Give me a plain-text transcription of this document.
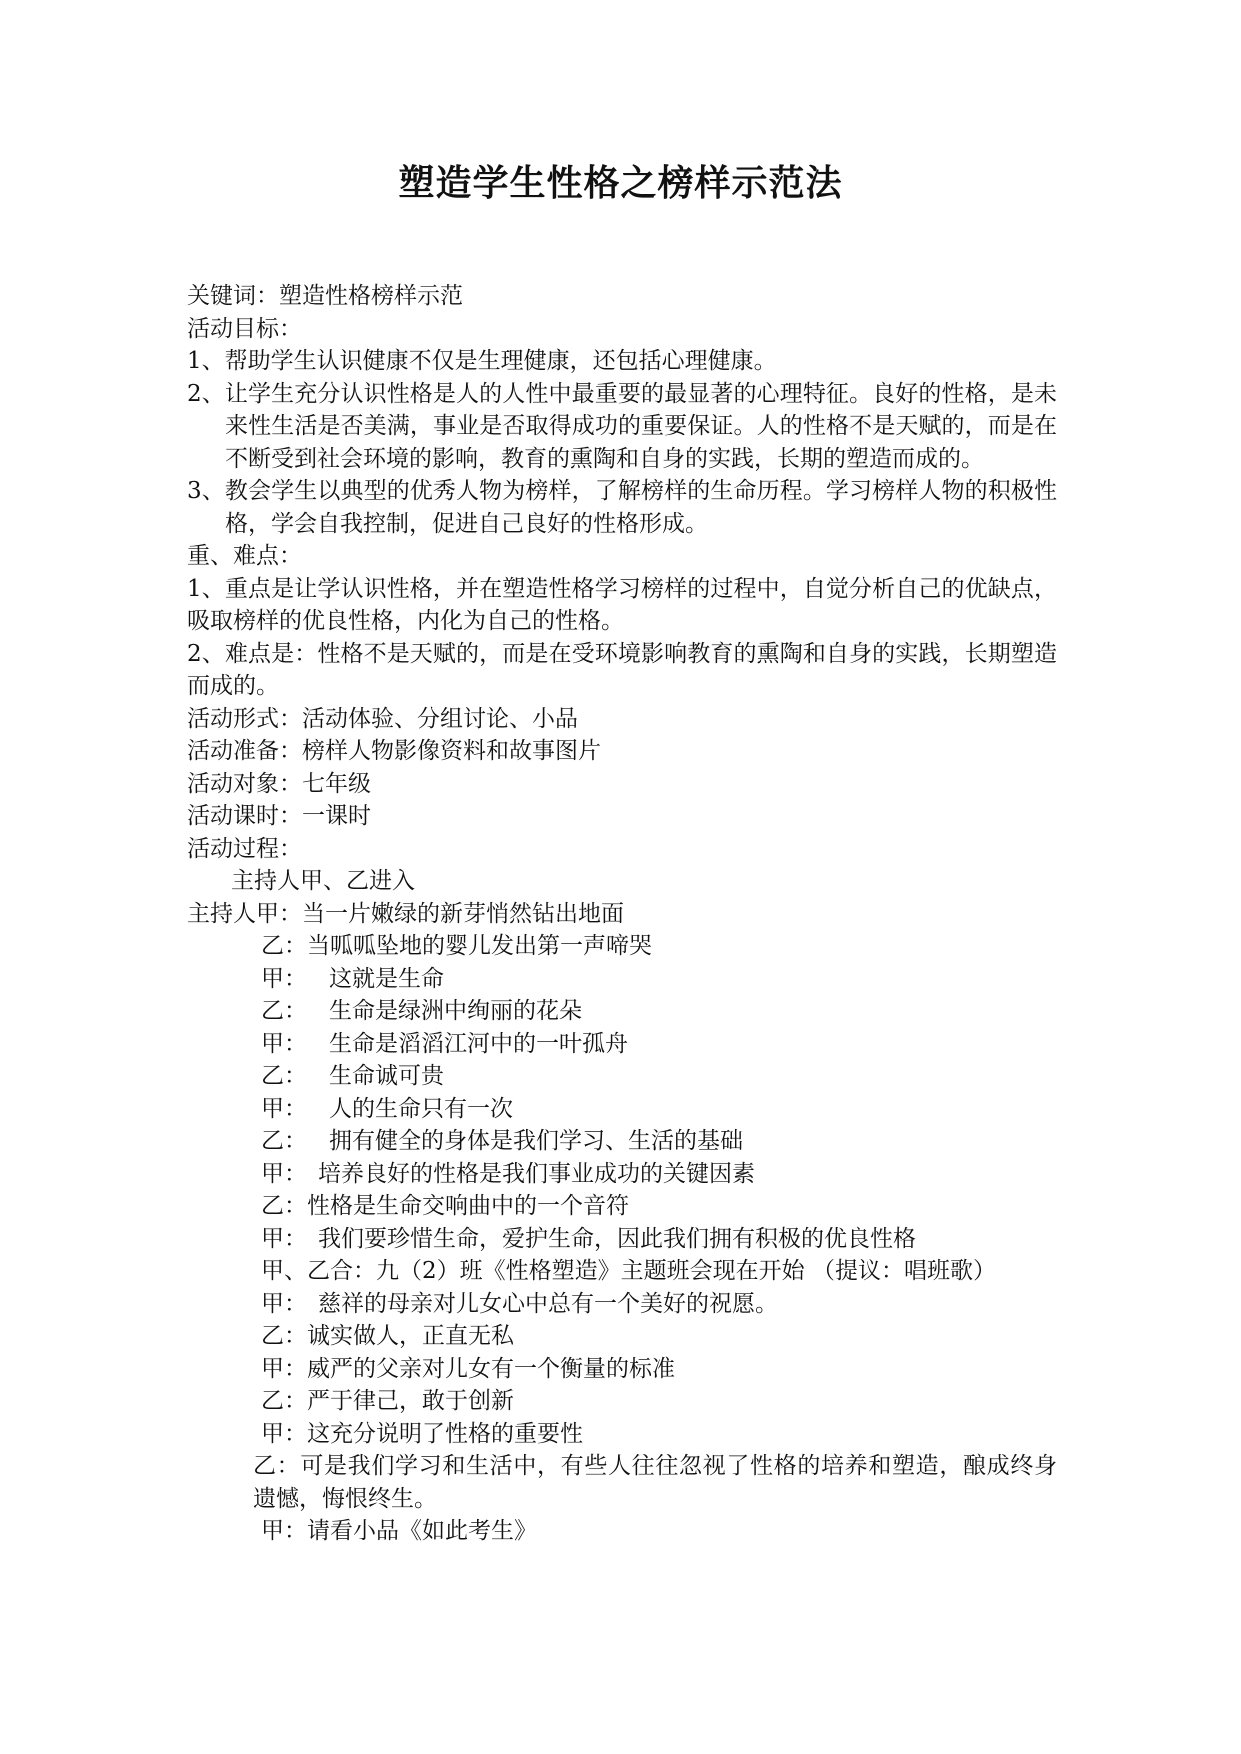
塑造学生性格之榜样示范法
关键词：塑造性格榜样示范
活动目标：
1、帮助学生认识健康不仅是生理健康，还包括心理健康。
2、让学生充分认识性格是人的人性中最重要的最显著的心理特征。良好的性格，是未来性生活是否美满，事业是否取得成功的重要保证。人的性格不是天赋的，而是在不断受到社会环境的影响，教育的熏陶和自身的实践，长期的塑造而成的。
3、教会学生以典型的优秀人物为榜样，了解榜样的生命历程。学习榜样人物的积极性格，学会自我控制，促进自己良好的性格形成。
重、难点：
1、重点是让学认识性格，并在塑造性格学习榜样的过程中，自觉分析自己的优缺点，吸取榜样的优良性格，内化为自己的性格。
2、难点是：性格不是天赋的，而是在受环境影响教育的熏陶和自身的实践，长期塑造而成的。
活动形式：活动体验、分组讨论、小品
活动准备：榜样人物影像资料和故事图片
活动对象：七年级
活动课时：一课时
活动过程：
主持人甲、乙进入
主持人甲：当一片嫩绿的新芽悄然钻出地面
乙：当呱呱坠地的婴儿发出第一声啼哭
甲： 这就是生命
乙： 生命是绿洲中绚丽的花朵
甲： 生命是滔滔江河中的一叶孤舟
乙： 生命诚可贵
甲： 人的生命只有一次
乙： 拥有健全的身体是我们学习、生活的基础
甲： 培养良好的性格是我们事业成功的关键因素
乙：性格是生命交响曲中的一个音符
甲： 我们要珍惜生命，爱护生命，因此我们拥有积极的优良性格
甲、乙合：九（2）班《性格塑造》主题班会现在开始 （提议：唱班歌）
甲： 慈祥的母亲对儿女心中总有一个美好的祝愿。
乙：诚实做人，正直无私
甲：威严的父亲对儿女有一个衡量的标准
乙：严于律己，敢于创新
甲：这充分说明了性格的重要性
乙：可是我们学习和生活中，有些人往往忽视了性格的培养和塑造，酿成终身遗憾，悔恨终生。
甲：请看小品《如此考生》
